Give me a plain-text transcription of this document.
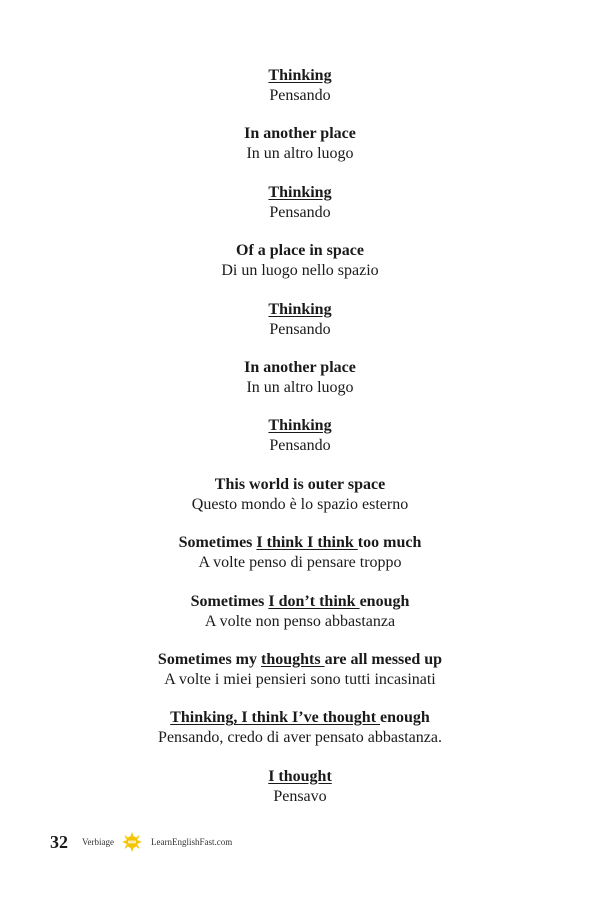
Thinking
Pensando
In another place
In un altro luogo
Thinking
Pensando
Of a place in space
Di un luogo nello spazio
Thinking
Pensando
In another place
In un altro luogo
Thinking
Pensando
This world is outer space
Questo mondo è lo spazio esterno
Sometimes I think I think too much
A volte penso di pensare troppo
Sometimes I don’t think enough
A volte non penso abbastanza
Sometimes my thoughts are all messed up
A volte i miei pensieri sono tutti incasinati
Thinking, I think I’ve thought enough
Pensando, credo di aver pensato abbastanza.
I thought
Pensavo
32 Verbiage	LearnEnglishFast.com
